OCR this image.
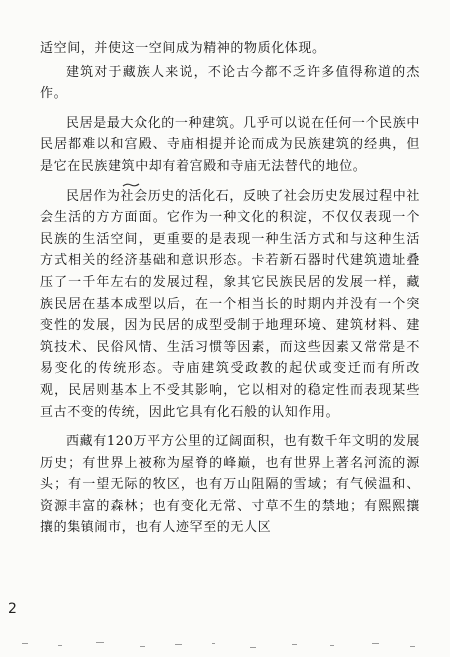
适空间，并使这一空间成为精神的物质化体现。

建筑对于藏族人来说，不论古今都不乏许多值得称道的杰作。

民居是最大众化的一种建筑。几乎可以说在任何一个民族中民居都难以和宫殿、寺庙相提并论而成为民族建筑的经典，但是它在民族建筑中却有着宫殿和寺庙无法替代的地位。

民居作为社会历史的活化石，反映了社会历史发展过程中社会生活的方方面面。它作为一种文化的积淀，不仅仅表现一个民族的生活空间，更重要的是表现一种生活方式和与这种生活方式相关的经济基础和意识形态。卡若新石器时代建筑遗址叠压了一千年左右的发展过程，象其它民族民居的发展一样，藏族民居在基本成型以后，在一个相当长的时期内并没有一个突变性的发展，因为民居的成型受制于地理环境、建筑材料、建筑技术、民俗风情、生活习惯等因素，而这些因素又常常是不易变化的传统形态。寺庙建筑受政教的起伏或变迁而有所改观，民居则基本上不受其影响，它以相对的稳定性而表现某些亘古不变的传统，因此它具有化石般的认知作用。

西藏有120万平方公里的辽阔面积，也有数千年文明的发展历史；有世界上被称为屋脊的峰巅，也有世界上著名河流的源头；有一望无际的牧区，也有万山阻隔的雪域；有气候温和、资源丰富的森林；也有变化无常、寸草不生的禁地；有熙熙攘攘的集镇闹市，也有人迹罕至的无人区

2
